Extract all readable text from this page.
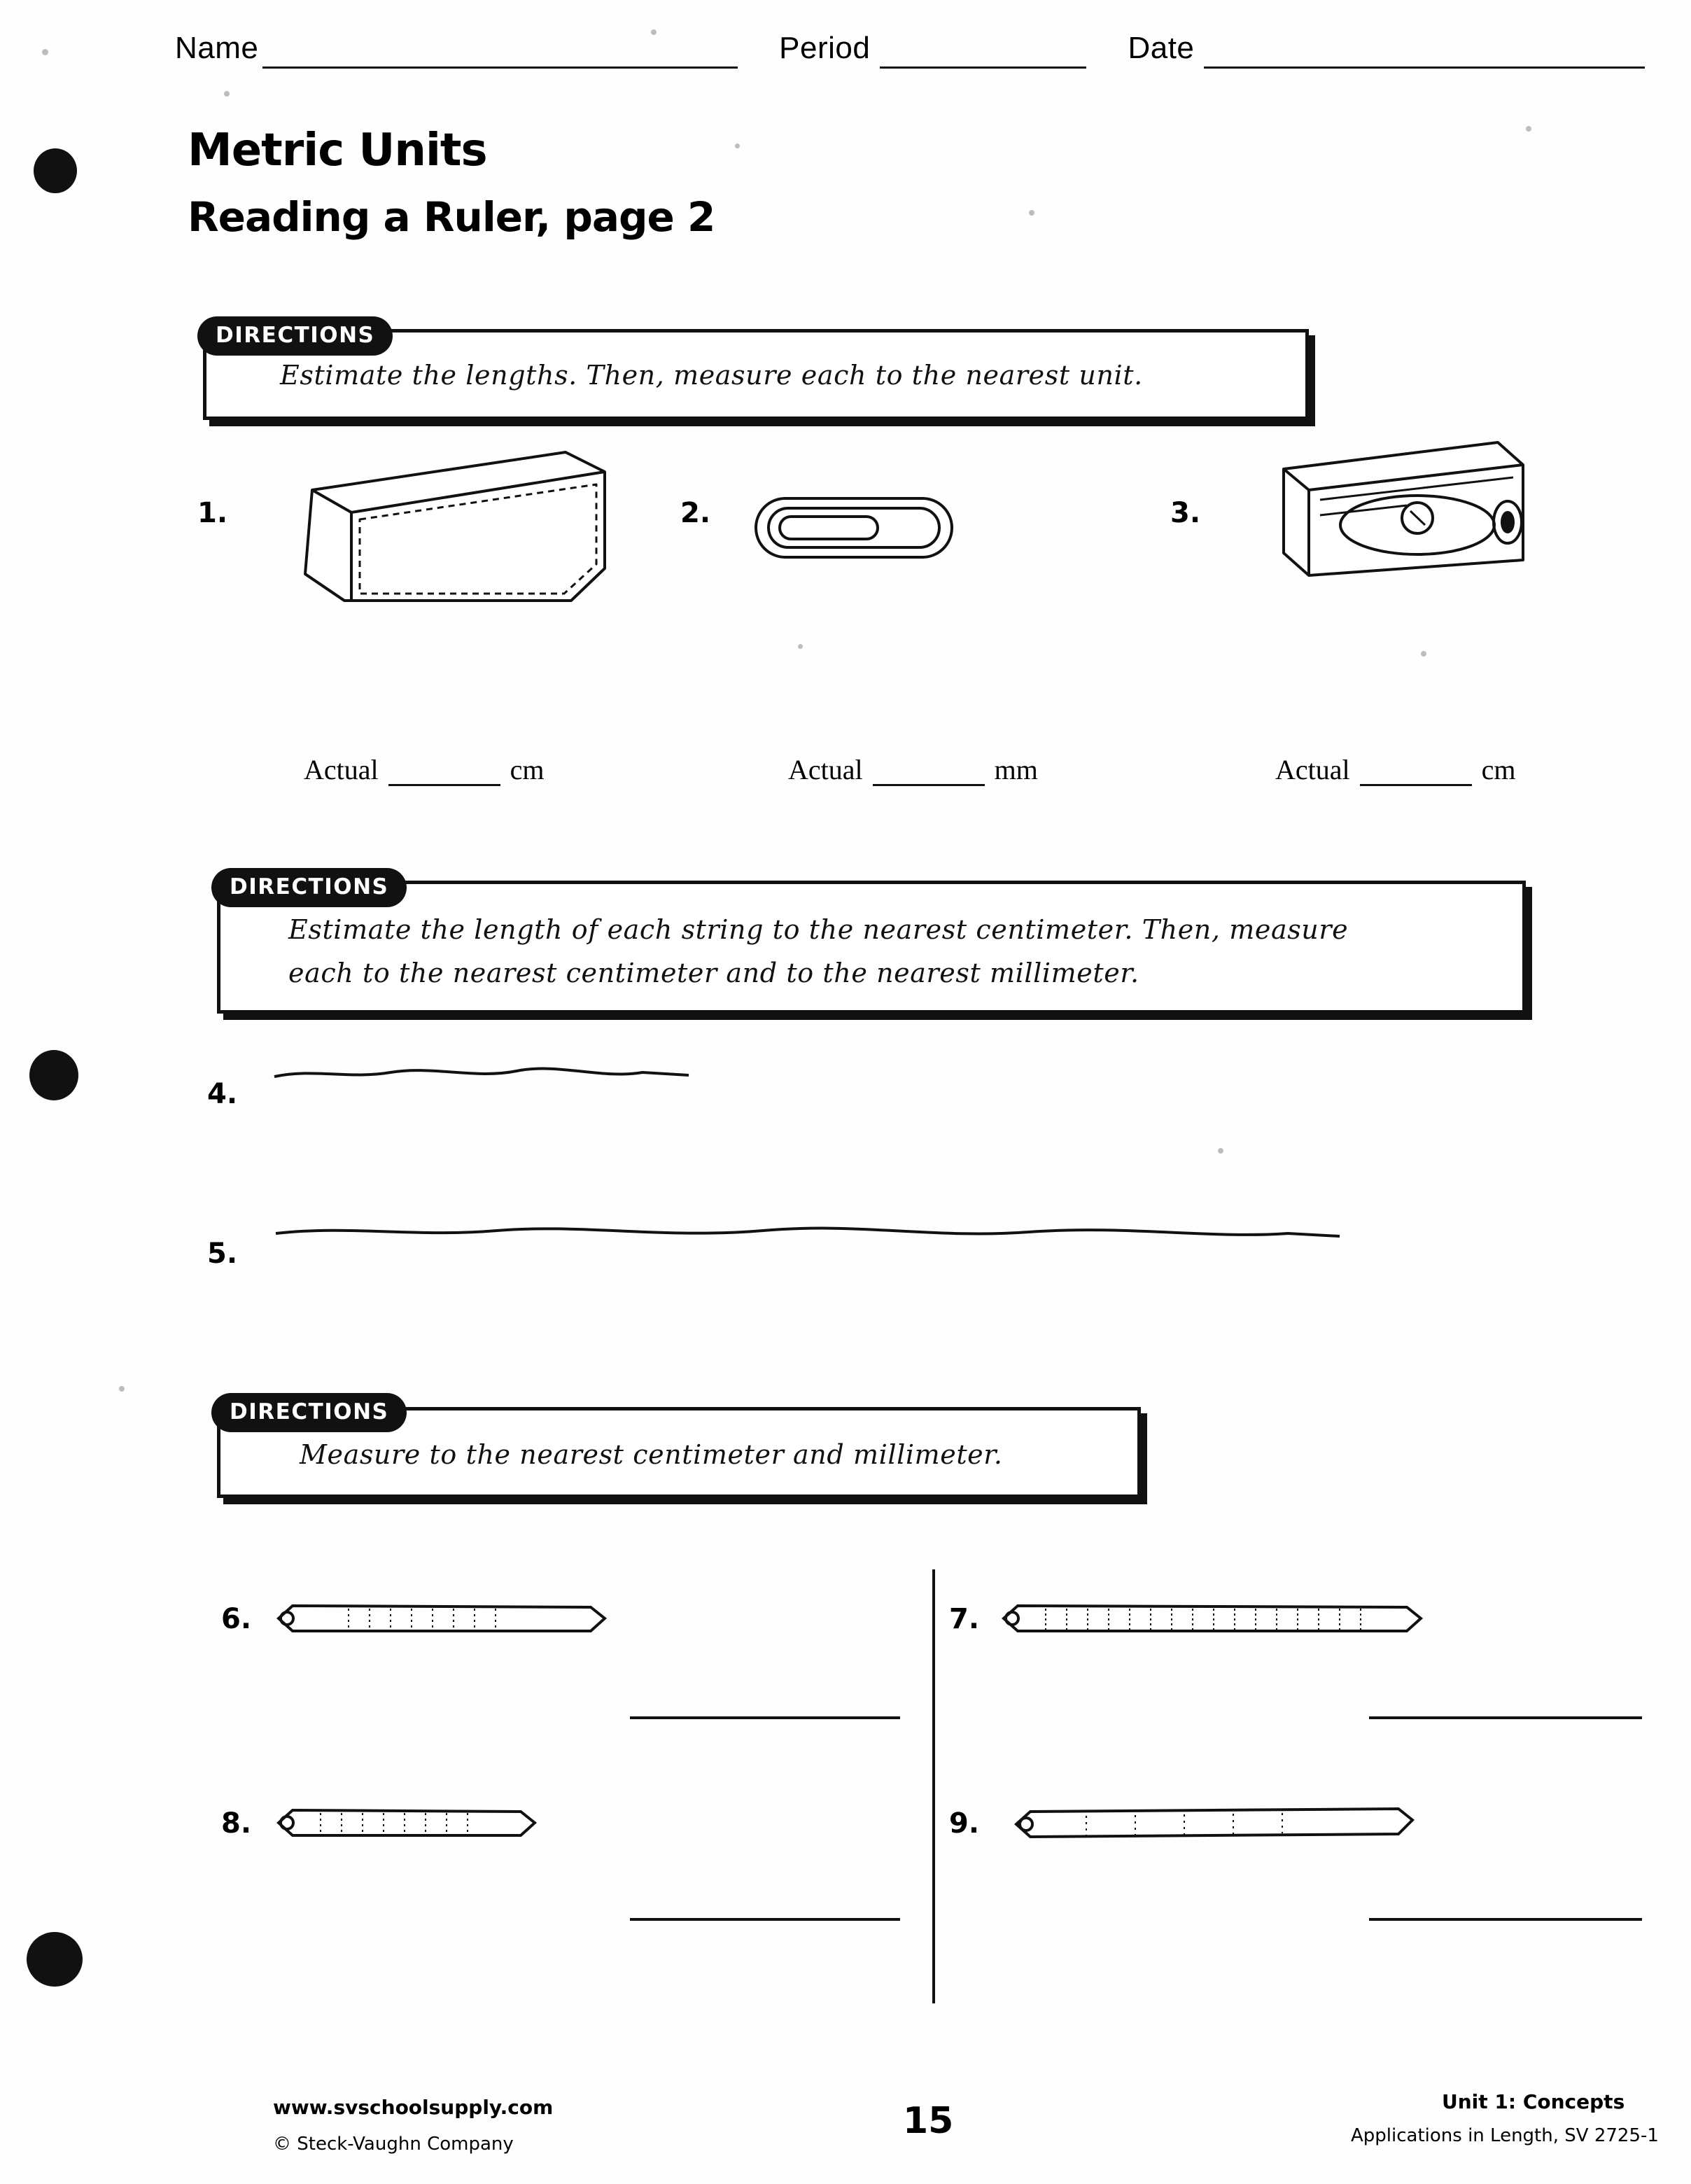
Name	Period	Date
Metric Units
Reading a Ruler, page 2
DIRECTIONS
Estimate the lengths. Then, measure each to the nearest unit.
1.	2.	3.
Actual	cm	Actual	mm	Actual	cm
DIRECTIONS
Estimate the length of each string to the nearest centimeter. Then, measure
each to the nearest centimeter and to the nearest millimeter.
4.
5.
DIRECTIONS
Measure to the nearest centimeter and millimeter.
6.	7.
8.	9.
www.svschoolsupply.com
© Steck-Vaughn Company
15	Unit 1: Concepts
Applications in Length, SV 2725-1
